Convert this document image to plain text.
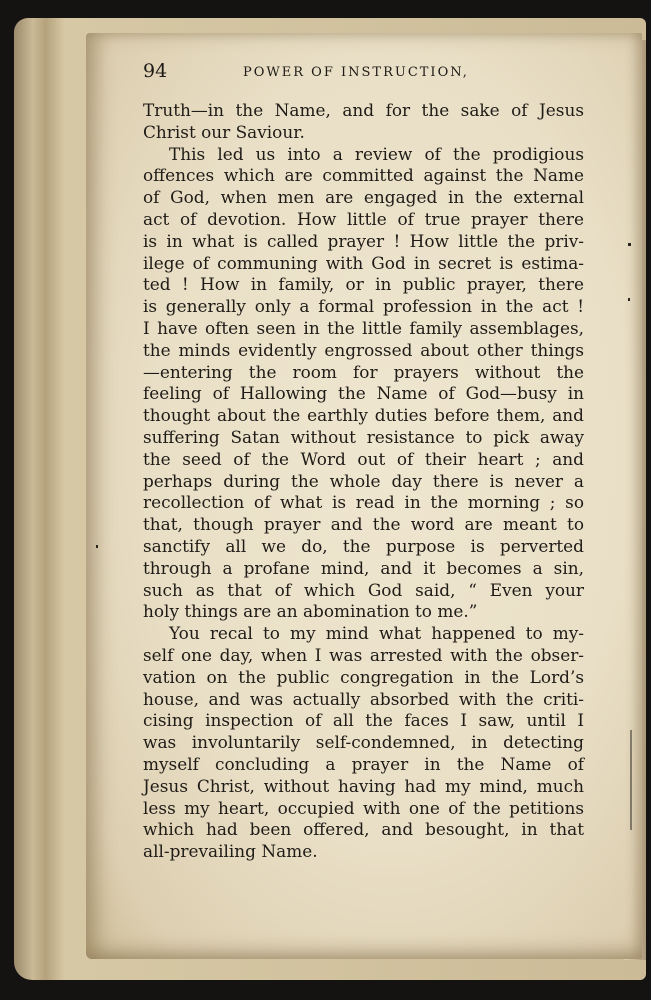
94	POWER OF INSTRUCTION,
Truth—in the Name, and for the sake of Jesus
Christ our Saviour.
This led us into a review of the prodigious
offences which are committed against the Name
of God, when men are engaged in the external
act of devotion. How little of true prayer there
is in what is called prayer ! How little the priv-
ilege of communing with God in secret is estima-
ted ! How in family, or in public prayer, there
is generally only a formal profession in the act !
I have often seen in the little family assemblages,
the minds evidently engrossed about other things
—entering the room for prayers without the
feeling of Hallowing the Name of God—busy in
thought about the earthly duties before them, and
suffering Satan without resistance to pick away
the seed of the Word out of their heart ; and
perhaps during the whole day there is never a
recollection of what is read in the morning ; so
that, though prayer and the word are meant to
sanctify all we do, the purpose is perverted
through a profane mind, and it becomes a sin,
such as that of which God said, “ Even your
holy things are an abomination to me.”
You recal to my mind what happened to my-
self one day, when I was arrested with the obser-
vation on the public congregation in the Lord’s
house, and was actually absorbed with the criti-
cising inspection of all the faces I saw, until I
was involuntarily self-condemned, in detecting
myself concluding a prayer in the Name of
Jesus Christ, without having had my mind, much
less my heart, occupied with one of the petitions
which had been offered, and besought, in that
all-prevailing Name.
